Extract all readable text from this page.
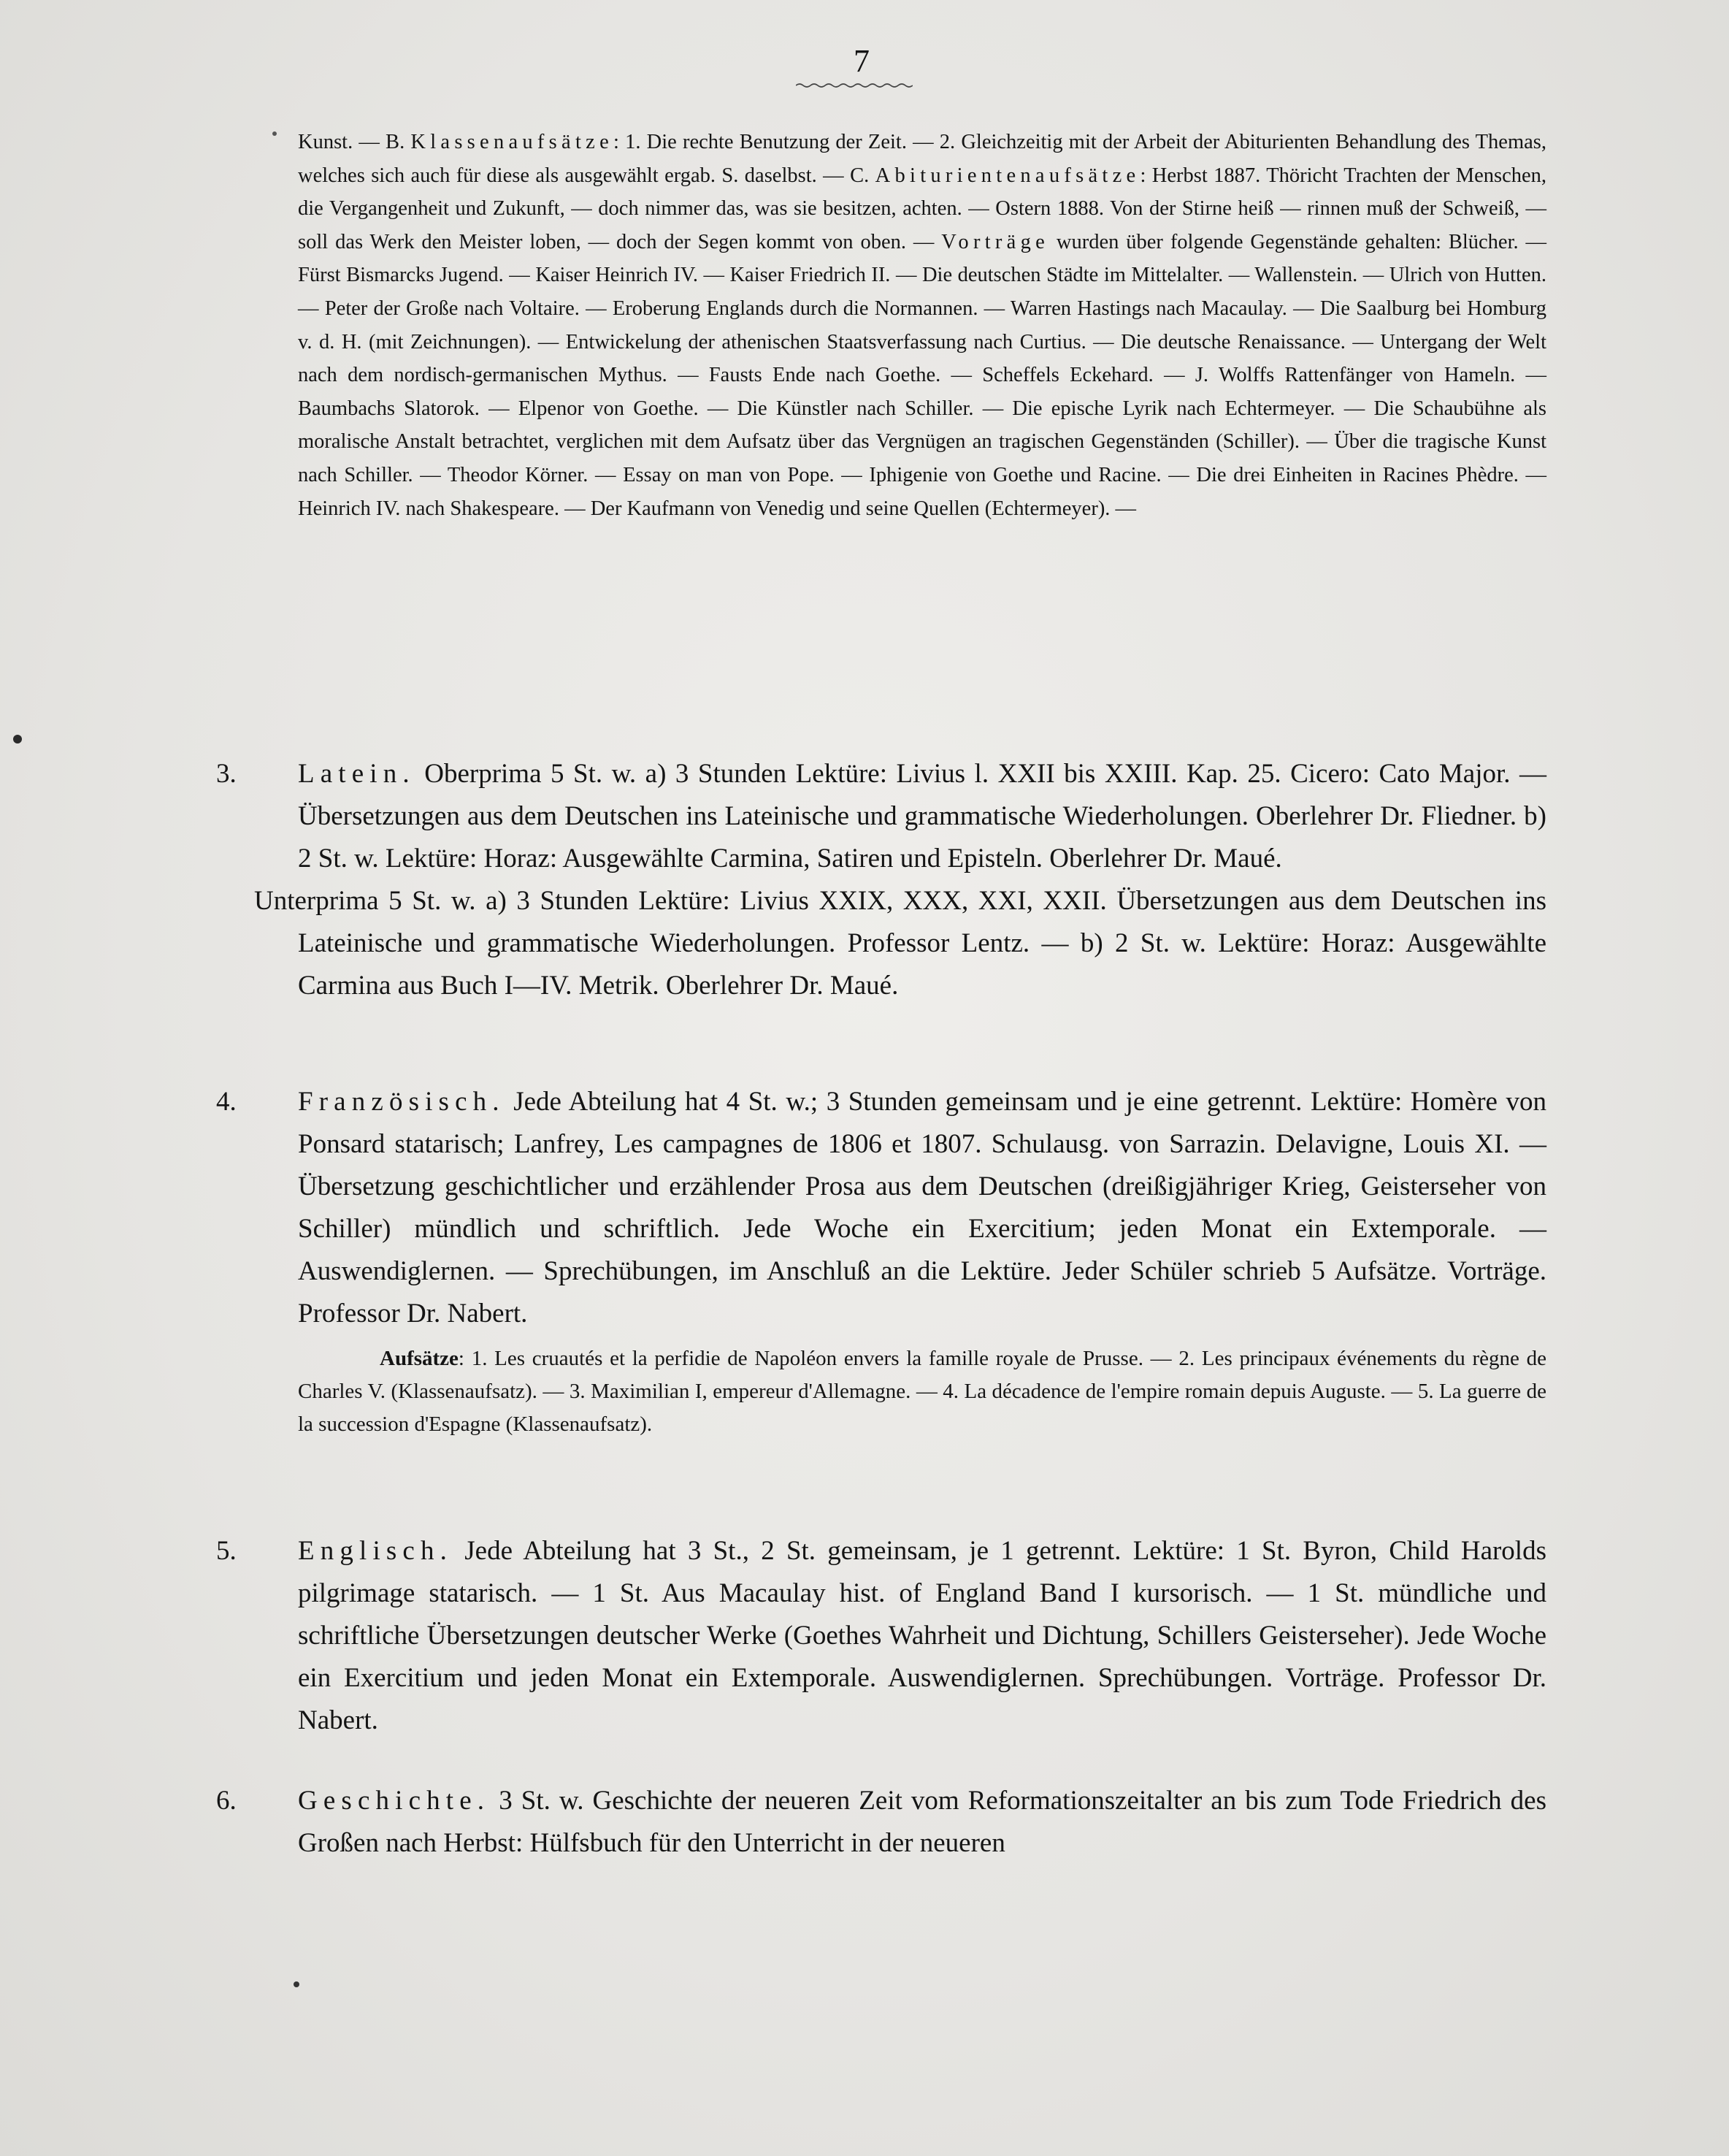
7
Kunst. — B. Klassenaufsätze: 1. Die rechte Benutzung der Zeit. — 2. Gleichzeitig mit der Arbeit der Abiturienten Behandlung des Themas, welches sich auch für diese als ausgewählt ergab. S. daselbst. — C. Abiturientenaufsätze: Herbst 1887. Thöricht Trachten der Menschen, die Vergangenheit und Zukunft, — doch nimmer das, was sie besitzen, achten. — Ostern 1888. Von der Stirne heiß — rinnen muß der Schweiß, — soll das Werk den Meister loben, — doch der Segen kommt von oben. — Vorträge wurden über folgende Gegenstände gehalten: Blücher. — Fürst Bismarcks Jugend. — Kaiser Heinrich IV. — Kaiser Friedrich II. — Die deutschen Städte im Mittelalter. — Wallenstein. — Ulrich von Hutten. — Peter der Große nach Voltaire. — Eroberung Englands durch die Normannen. — Warren Hastings nach Macaulay. — Die Saalburg bei Homburg v. d. H. (mit Zeichnungen). — Entwickelung der athenischen Staatsverfassung nach Curtius. — Die deutsche Renaissance. — Untergang der Welt nach dem nordisch-germanischen Mythus. — Fausts Ende nach Goethe. — Scheffels Eckehard. — J. Wolffs Rattenfänger von Hameln. — Baumbachs Slatorok. — Elpenor von Goethe. — Die Künstler nach Schiller. — Die epische Lyrik nach Echtermeyer. — Die Schaubühne als moralische Anstalt betrachtet, verglichen mit dem Aufsatz über das Vergnügen an tragischen Gegenständen (Schiller). — Über die tragische Kunst nach Schiller. — Theodor Körner. — Essay on man von Pope. — Iphigenie von Goethe und Racine. — Die drei Einheiten in Racines Phèdre. — Heinrich IV. nach Shakespeare. — Der Kaufmann von Venedig und seine Quellen (Echtermeyer). —
3. Latein. Oberprima 5 St. w. a) 3 Stunden Lektüre: Livius l. XXII bis XXIII. Kap. 25. Cicero: Cato Major. — Übersetzungen aus dem Deutschen ins Lateinische und grammatische Wiederholungen. Oberlehrer Dr. Fliedner. b) 2 St. w. Lektüre: Horaz: Ausgewählte Carmina, Satiren und Episteln. Oberlehrer Dr. Maué.
Unterprima 5 St. w. a) 3 Stunden Lektüre: Livius XXIX, XXX, XXI, XXII. Übersetzungen aus dem Deutschen ins Lateinische und grammatische Wiederholungen. Professor Lentz. — b) 2 St. w. Lektüre: Horaz: Ausgewählte Carmina aus Buch I—IV. Metrik. Oberlehrer Dr. Maué.
4. Französisch. Jede Abteilung hat 4 St. w.; 3 Stunden gemeinsam und je eine getrennt. Lektüre: Homère von Ponsard statarisch; Lanfrey, Les campagnes de 1806 et 1807. Schulausg. von Sarrazin. Delavigne, Louis XI. — Übersetzung geschichtlicher und erzählender Prosa aus dem Deutschen (dreißigjähriger Krieg, Geisterseher von Schiller) mündlich und schriftlich. Jede Woche ein Exercitium; jeden Monat ein Extemporale. — Auswendiglernen. — Sprechübungen, im Anschluß an die Lektüre. Jeder Schüler schrieb 5 Aufsätze. Vorträge. Professor Dr. Nabert.
Aufsätze: 1. Les cruautés et la perfidie de Napoléon envers la famille royale de Prusse. — 2. Les principaux événements du règne de Charles V. (Klassenaufsatz). — 3. Maximilian I, empereur d'Allemagne. — 4. La décadence de l'empire romain depuis Auguste. — 5. La guerre de la succession d'Espagne (Klassenaufsatz).
5. Englisch. Jede Abteilung hat 3 St., 2 St. gemeinsam, je 1 getrennt. Lektüre: 1 St. Byron, Child Harolds pilgrimage statarisch. — 1 St. Aus Macaulay hist. of England Band I kursorisch. — 1 St. mündliche und schriftliche Übersetzungen deutscher Werke (Goethes Wahrheit und Dichtung, Schillers Geisterseher). Jede Woche ein Exercitium und jeden Monat ein Extemporale. Auswendiglernen. Sprechübungen. Vorträge. Professor Dr. Nabert.
6. Geschichte. 3 St. w. Geschichte der neueren Zeit vom Reformationszeitalter an bis zum Tode Friedrich des Großen nach Herbst: Hülfsbuch für den Unterricht in der neueren
